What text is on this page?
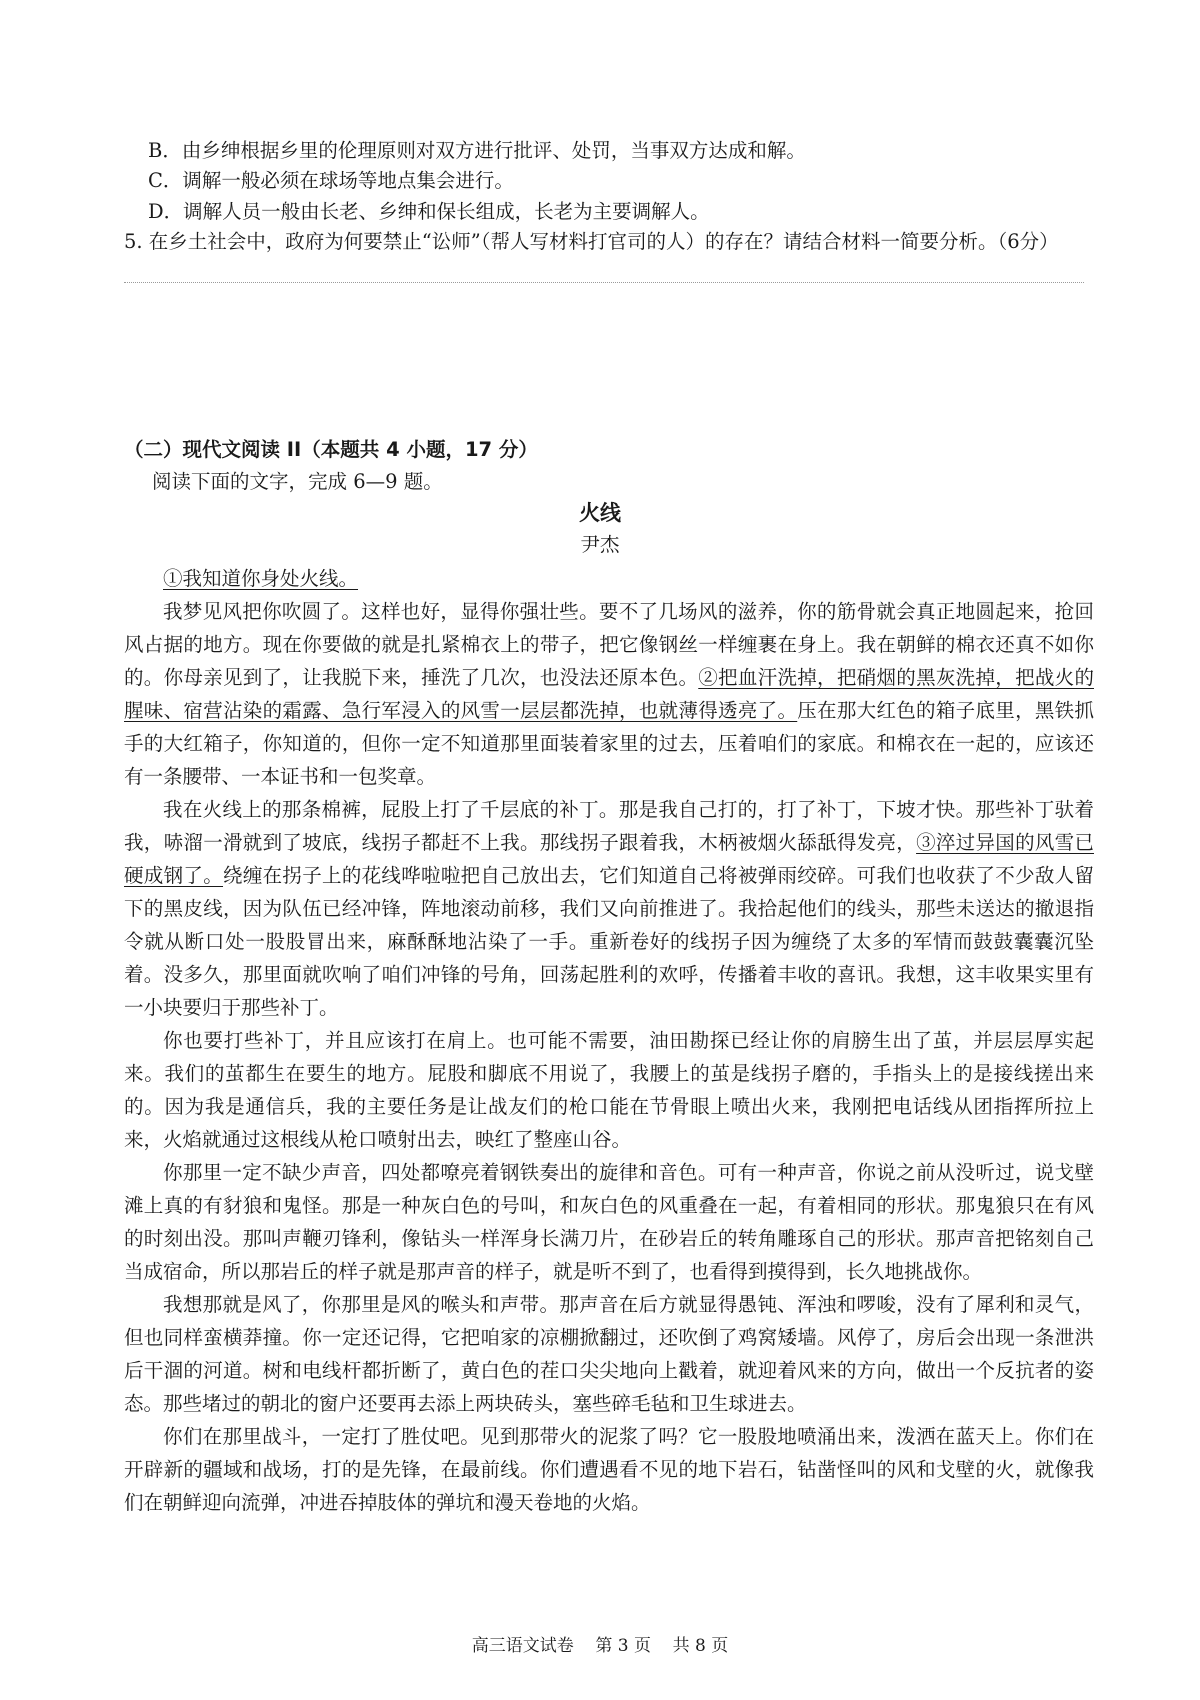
B．由乡绅根据乡里的伦理原则对双方进行批评、处罚，当事双方达成和解。
C．调解一般必须在球场等地点集会进行。
D．调解人员一般由长老、乡绅和保长组成，长老为主要调解人。
5. 在乡土社会中，政府为何要禁止“讼师”（帮人写材料打官司的人）的存在？请结合材料一简要分析。（6分）
（二）现代文阅读 II（本题共 4 小题，17 分）
阅读下面的文字，完成 6—9 题。
火线
尹杰

①我知道你身处火线。

我梦见风把你吹圆了。这样也好，显得你强壮些。要不了几场风的滋养，你的筋骨就会真正地圆起来，抢回风占据的地方。现在你要做的就是扎紧棉衣上的带子，把它像钢丝一样缠裹在身上。我在朝鲜的棉衣还真不如你的。你母亲见到了，让我脱下来，捶洗了几次，也没法还原本色。②把血汗洗掉，把硝烟的黑灰洗掉，把战火的腥味、宿营沾染的霜露、急行军浸入的风雪一层层都洗掉，也就薄得透亮了。压在那大红色的箱子底里，黑铁抓手的大红箱子，你知道的，但你一定不知道那里面装着家里的过去，压着咱们的家底。和棉衣在一起的，应该还有一条腰带、一本证书和一包奖章。

我在火线上的那条棉裤，屁股上打了千层底的补丁。那是我自己打的，打了补丁，下坡才快。那些补丁驮着我，哧溜一滑就到了坡底，线拐子都赶不上我。那线拐子跟着我，木柄被烟火舔舐得发亮，③淬过异国的风雪已硬成钢了。绕缠在拐子上的花线哗啦啦把自己放出去，它们知道自己将被弹雨绞碎。可我们也收获了不少敌人留下的黑皮线，因为队伍已经冲锋，阵地滚动前移，我们又向前推进了。我拾起他们的线头，那些未送达的撤退指令就从断口处一股股冒出来，麻酥酥地沾染了一手。重新卷好的线拐子因为缠绕了太多的军情而鼓鼓囊囊沉坠着。没多久，那里面就吹响了咱们冲锋的号角，回荡起胜利的欢呼，传播着丰收的喜讯。我想，这丰收果实里有一小块要归于那些补丁。

你也要打些补丁，并且应该打在肩上。也可能不需要，油田勘探已经让你的肩膀生出了茧，并层层厚实起来。我们的茧都生在要生的地方。屁股和脚底不用说了，我腰上的茧是线拐子磨的，手指头上的是接线搓出来的。因为我是通信兵，我的主要任务是让战友们的枪口能在节骨眼上喷出火来，我刚把电话线从团指挥所拉上来，火焰就通过这根线从枪口喷射出去，映红了整座山谷。

你那里一定不缺少声音，四处都嘹亮着钢铁奏出的旋律和音色。可有一种声音，你说之前从没听过，说戈壁滩上真的有豺狼和鬼怪。那是一种灰白色的号叫，和灰白色的风重叠在一起，有着相同的形状。那鬼狼只在有风的时刻出没。那叫声鞭刃锋利，像钻头一样浑身长满刀片，在砂岩丘的转角雕琢自己的形状。那声音把铭刻自己当成宿命，所以那岩丘的样子就是那声音的样子，就是听不到了，也看得到摸得到，长久地挑战你。

我想那就是风了，你那里是风的喉头和声带。那声音在后方就显得愚钝、浑浊和啰唆，没有了犀利和灵气，但也同样蛮横莽撞。你一定还记得，它把咱家的凉棚掀翻过，还吹倒了鸡窝矮墙。风停了，房后会出现一条泄洪后干涸的河道。树和电线杆都折断了，黄白色的茬口尖尖地向上戳着，就迎着风来的方向，做出一个反抗者的姿态。那些堵过的朝北的窗户还要再去添上两块砖头，塞些碎毛毡和卫生球进去。

你们在那里战斗，一定打了胜仗吧。见到那带火的泥浆了吗？它一股股地喷涌出来，泼洒在蓝天上。你们在开辟新的疆域和战场，打的是先锋，在最前线。你们遭遇看不见的地下岩石，钻凿怪叫的风和戈壁的火，就像我们在朝鲜迎向流弹，冲进吞掉肢体的弹坑和漫天卷地的火焰。

高三语文试卷    第 3 页    共 8 页
